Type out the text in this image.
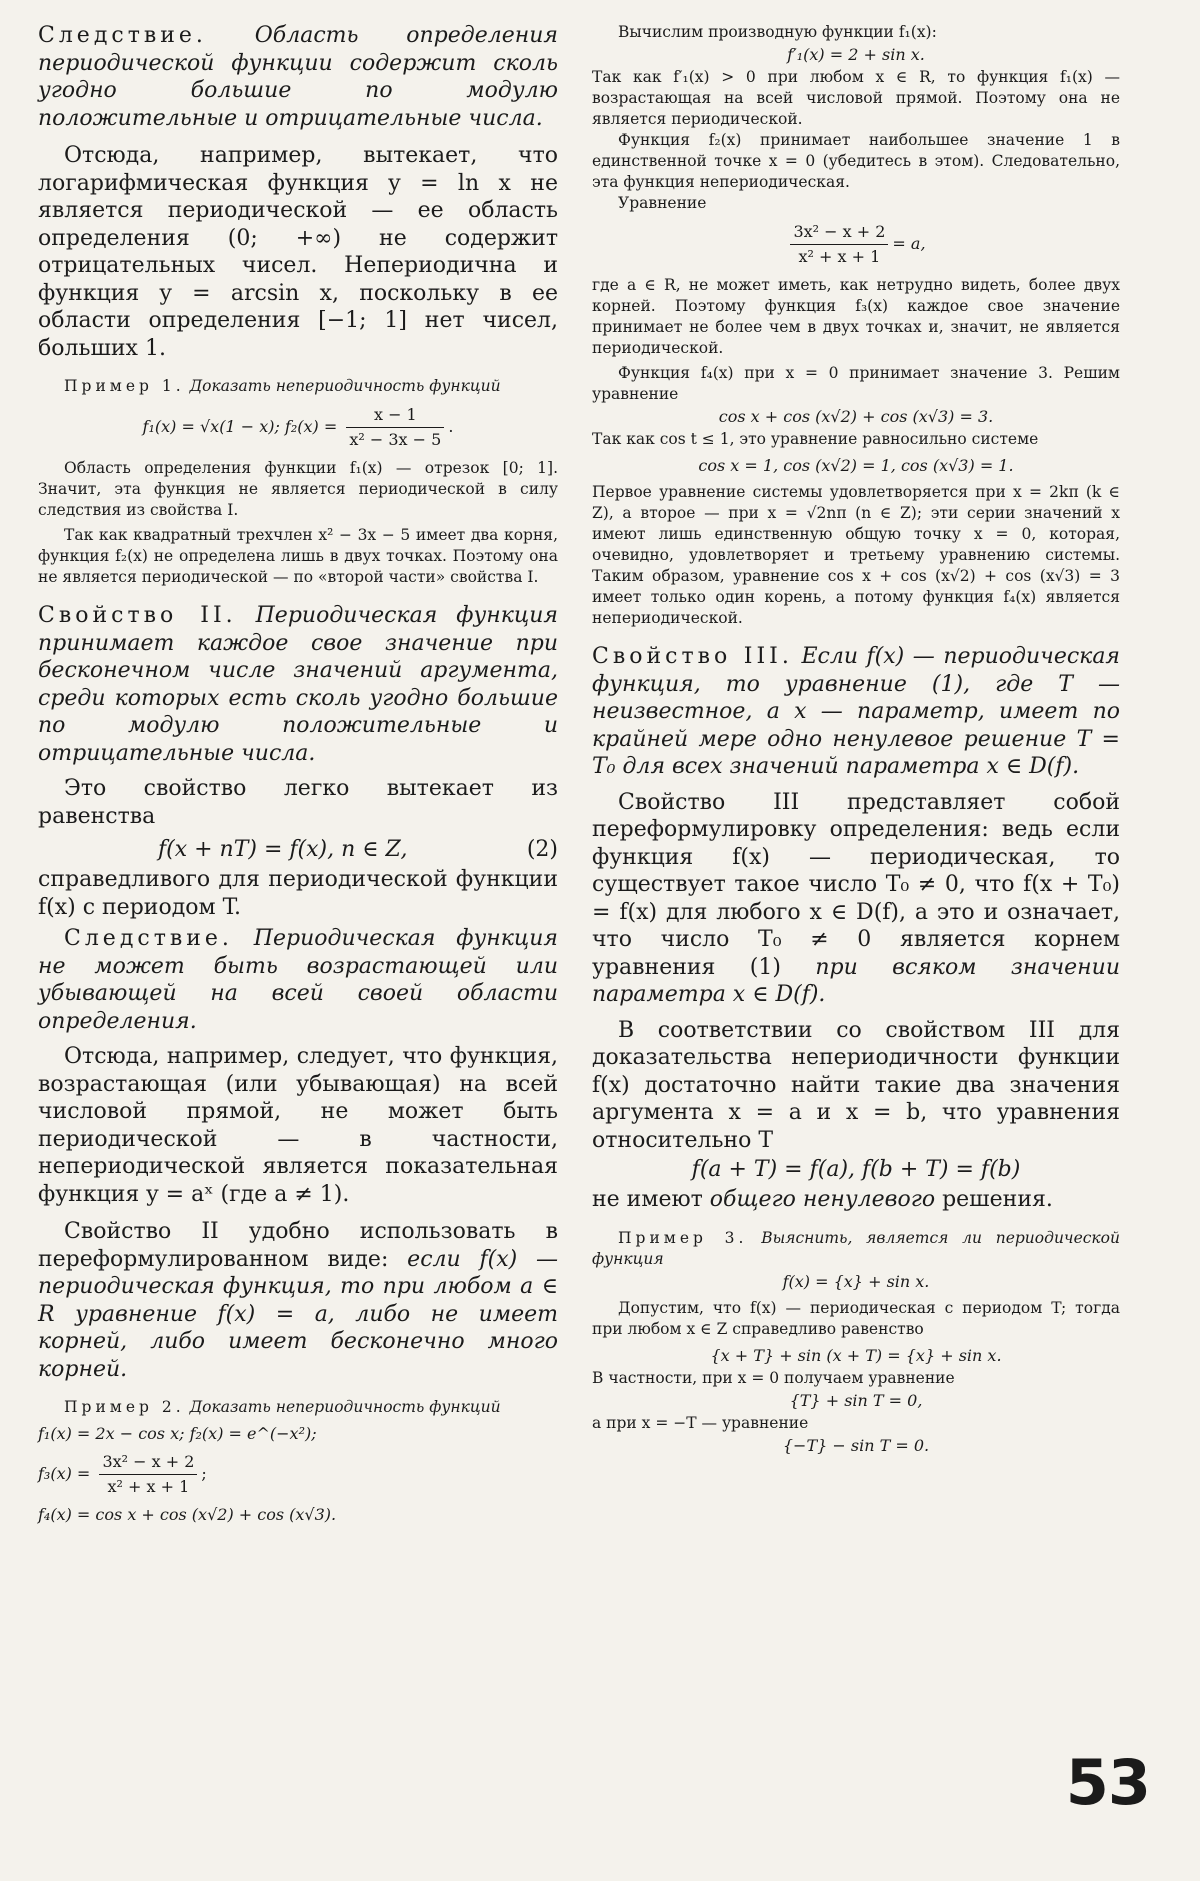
Следствие. Область определения периодической функции содержит сколь угодно большие по модулю положительные и отрицательные числа.

Отсюда, например, вытекает, что логарифмическая функция y = ln x не является периодической — ее область определения (0; +∞) не содержит отрицательных чисел. Непериодична и функция y = arcsin x, поскольку в ее области определения [−1; 1] нет чисел, больших 1.

Пример 1. Доказать непериодичность функций

f₁(x) = √x(1 − x); $f_2(x) = \frac{x - 1}{\text{x² − 3x − 5}}$ .

Область определения функции f₁(x) — отрезок [0; 1]. Значит, эта функция не является периодической в силу следствия из свойства I.

Так как квадратный трехчлен x² − 3x − 5 имеет два корня, функция f₂(x) не определена лишь в двух точках. Поэтому она не является периодической — по «второй части» свойства I.

Свойство II. Периодическая функция принимает каждое свое значение при бесконечном числе значений аргумента, среди которых есть сколь угодно большие по модулю положительные и отрицательные числа.

Это свойство легко вытекает из равенства

f(x + nT) = f(x), n ∈ Z,	(2)

справедливого для периодической функции f(x) с периодом T.

Следствие. Периодическая функция не может быть возрастающей или убывающей на всей своей области определения.

Отсюда, например, следует, что функция, возрастающая (или убывающая) на всей числовой прямой, не может быть периодической — в частности, непериодической является показательная функция y = aˣ (где a ≠ 1).

Свойство II удобно использовать в переформулированном виде: если f(x) — периодическая функция, то при любом a ∈ R уравнение f(x) = a, либо не имеет корней, либо имеет бесконечно много корней.

Пример 2. Доказать непериодичность функций

f₁(x) = 2x − cos x; f₂(x) = e^(−x²);
$f_3(x) = \frac{\text{3x² − x + 2}}{\text{x² + x + 1}}$ ;
f₄(x) = cos x + cos (x√2) + cos (x√3).

Вычислим производную функции f₁(x):

f′₁(x) = 2 + sin x.

Так как f′₁(x) > 0 при любом x ∈ R, то функция f₁(x) — возрастающая на всей числовой прямой. Поэтому она не является периодической.

Функция f₂(x) принимает наибольшее значение 1 в единственной точке x = 0 (убедитесь в этом). Следовательно, эта функция непериодическая.

Уравнение

$\frac{\text{3x² − x + 2}}{\text{x² + x + 1}} = a$,

где a ∈ R, не может иметь, как нетрудно видеть, более двух корней. Поэтому функция f₃(x) каждое свое значение принимает не более чем в двух точках и, значит, не является периодической.

Функция f₄(x) при x = 0 принимает значение 3. Решим уравнение

cos x + cos (x√2) + cos (x√3) = 3.

Так как cos t ≤ 1, это уравнение равносильно системе

cos x = 1, cos (x√2) = 1, cos (x√3) = 1.

Первое уравнение системы удовлетворяется при x = 2kπ (k ∈ Z), а второе — при x = √2nπ (n ∈ Z); эти серии значений x имеют лишь единственную общую точку x = 0, которая, очевидно, удовлетворяет и третьему уравнению системы. Таким образом, уравнение cos x + cos (x√2) + cos (x√3) = 3 имеет только один корень, а потому функция f₄(x) является непериодической.

Свойство III. Если f(x) — периодическая функция, то уравнение (1), где T — неизвестное, а x — параметр, имеет по крайней мере одно ненулевое решение T = T₀ для всех значений параметра x ∈ D(f).

Свойство III представляет собой переформулировку определения: ведь если функция f(x) — периодическая, то существует такое число T₀ ≠ 0, что f(x + T₀) = f(x) для любого x ∈ D(f), а это и означает, что число T₀ ≠ 0 является корнем уравнения (1) при всяком значении параметра x ∈ D(f).

В соответствии со свойством III для доказательства непериодичности функции f(x) достаточно найти такие два значения аргумента x = a и x = b, что уравнения относительно T

f(a + T) = f(a), f(b + T) = f(b)

не имеют общего ненулевого решения.

Пример 3. Выяснить, является ли периодической функция

f(x) = {x} + sin x.

Допустим, что f(x) — периодическая с периодом T; тогда при любом x ∈ Z справедливо равенство

{x + T} + sin (x + T) = {x} + sin x.

В частности, при x = 0 получаем уравнение

{T} + sin T = 0,

а при x = −T — уравнение

{−T} − sin T = 0.
53
